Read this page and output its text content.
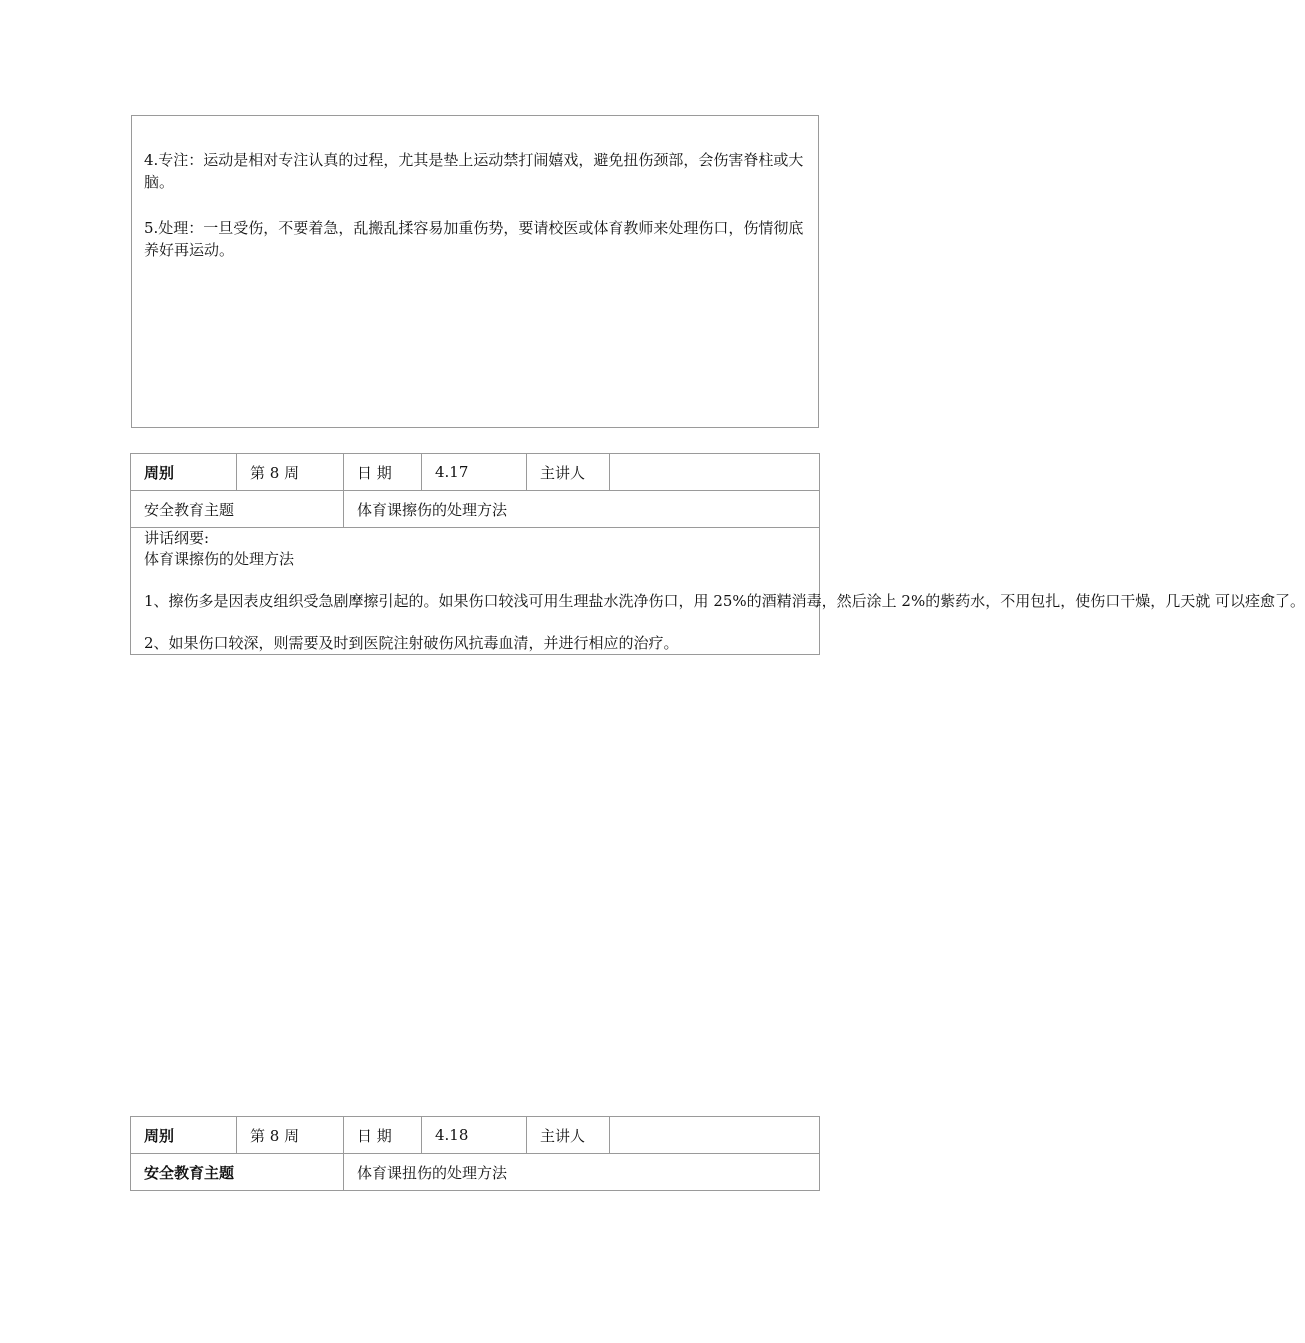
4.专注：运动是相对专注认真的过程，尤其是垫上运动禁打闹嬉戏，避免扭伤颈部，会伤害脊柱或大脑。

5.处理：一旦受伤，不要着急，乱搬乱揉容易加重伤势，要请校医或体育教师来处理伤口，伤情彻底养好再运动。

周别	第 8 周	日 期	4.17	主讲人	
安全教育主题		体育课擦伤的处理方法			

讲话纲要:

体育课擦伤的处理方法

1、擦伤多是因表皮组织受急剧摩擦引起的。如果伤口较浅可用生理盐水洗净伤口，用 25%的酒精消毒，然后涂上 2%的紫药水，不用包扎，使伤口干燥，几天就 可以痊愈了。

2、如果伤口较深，则需要及时到医院注射破伤风抗毒血清，并进行相应的治疗。					

周别	第 8 周	日 期	4.18	主讲人	
安全教育主题		体育课扭伤的处理方法			
